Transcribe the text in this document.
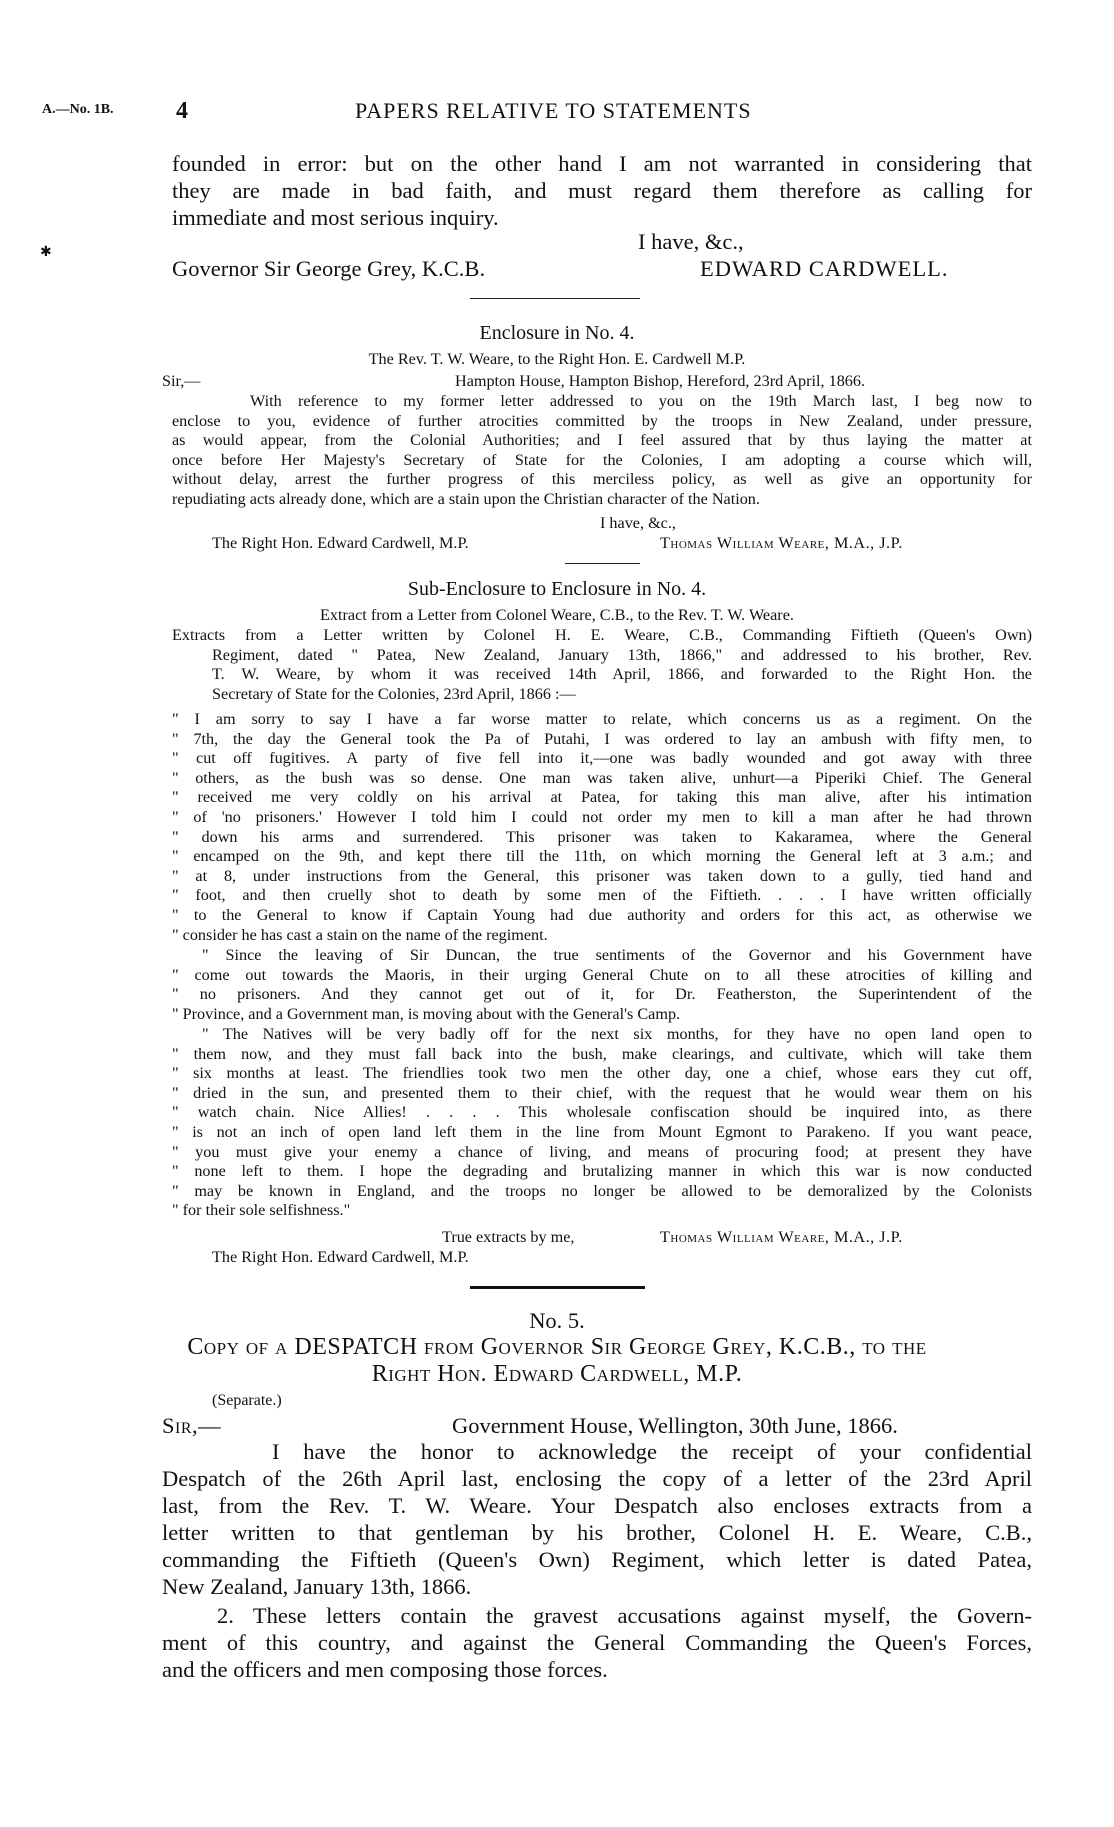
A.—No. 1B.	4	PAPERS RELATIVE TO STATEMENTS
founded in error: but on the other hand I am not warranted in considering that
they are made in bad faith, and must regard them therefore as calling for
immediate and most serious inquiry.
I have, &c.,
✱
Governor Sir George Grey, K.C.B.	EDWARD CARDWELL.
Enclosure in No. 4.
The Rev. T. W. Weare, to the Right Hon. E. Cardwell M.P.
Sir,—	Hampton House, Hampton Bishop, Hereford, 23rd April, 1866.
With reference to my former letter addressed to you on the 19th March last, I beg now to
enclose to you, evidence of further atrocities committed by the troops in New Zealand, under pressure,
as would appear, from the Colonial Authorities; and I feel assured that by thus laying the matter at
once before Her Majesty's Secretary of State for the Colonies, I am adopting a course which will,
without delay, arrest the further progress of this merciless policy, as well as give an opportunity for
repudiating acts already done, which are a stain upon the Christian character of the Nation.
I have, &c.,
The Right Hon. Edward Cardwell, M.P.	Thomas William Weare, M.A., J.P.
Sub-Enclosure to Enclosure in No. 4.
Extract from a Letter from Colonel Weare, C.B., to the Rev. T. W. Weare.
Extracts from a Letter written by Colonel H. E. Weare, C.B., Commanding Fiftieth (Queen's Own)
Regiment, dated " Patea, New Zealand, January 13th, 1866," and addressed to his brother, Rev.
T. W. Weare, by whom it was received 14th April, 1866, and forwarded to the Right Hon. the
Secretary of State for the Colonies, 23rd April, 1866 :—
" I am sorry to say I have a far worse matter to relate, which concerns us as a regiment. On the
" 7th, the day the General took the Pa of Putahi, I was ordered to lay an ambush with fifty men, to
" cut off fugitives. A party of five fell into it,—one was badly wounded and got away with three
" others, as the bush was so dense. One man was taken alive, unhurt—a Piperiki Chief. The General
" received me very coldly on his arrival at Patea, for taking this man alive, after his intimation
" of 'no prisoners.' However I told him I could not order my men to kill a man after he had thrown
" down his arms and surrendered. This prisoner was taken to Kakaramea, where the General
" encamped on the 9th, and kept there till the 11th, on which morning the General left at 3 a.m.; and
" at 8, under instructions from the General, this prisoner was taken down to a gully, tied hand and
" foot, and then cruelly shot to death by some men of the Fiftieth. . . . I have written officially
" to the General to know if Captain Young had due authority and orders for this act, as otherwise we
" consider he has cast a stain on the name of the regiment.
" Since the leaving of Sir Duncan, the true sentiments of the Governor and his Government have
" come out towards the Maoris, in their urging General Chute on to all these atrocities of killing and
" no prisoners. And they cannot get out of it, for Dr. Featherston, the Superintendent of the
" Province, and a Government man, is moving about with the General's Camp.
" The Natives will be very badly off for the next six months, for they have no open land open to
" them now, and they must fall back into the bush, make clearings, and cultivate, which will take them
" six months at least. The friendlies took two men the other day, one a chief, whose ears they cut off,
" dried in the sun, and presented them to their chief, with the request that he would wear them on his
" watch chain. Nice Allies! . . . . This wholesale confiscation should be inquired into, as there
" is not an inch of open land left them in the line from Mount Egmont to Parakeno. If you want peace,
" you must give your enemy a chance of living, and means of procuring food; at present they have
" none left to them. I hope the degrading and brutalizing manner in which this war is now conducted
" may be known in England, and the troops no longer be allowed to be demoralized by the Colonists
" for their sole selfishness."
True extracts by me,	Thomas William Weare, M.A., J.P.
The Right Hon. Edward Cardwell, M.P.
No. 5.
Copy of a DESPATCH from Governor Sir George Grey, K.C.B., to the
Right Hon. Edward Cardwell, M.P.
(Separate.)
Sir,—	Government House, Wellington, 30th June, 1866.
I have the honor to acknowledge the receipt of your confidential
Despatch of the 26th April last, enclosing the copy of a letter of the 23rd April
last, from the Rev. T. W. Weare. Your Despatch also encloses extracts from a
letter written to that gentleman by his brother, Colonel H. E. Weare, C.B.,
commanding the Fiftieth (Queen's Own) Regiment, which letter is dated Patea,
New Zealand, January 13th, 1866.
2. These letters contain the gravest accusations against myself, the Govern-
ment of this country, and against the General Commanding the Queen's Forces,
and the officers and men composing those forces.
